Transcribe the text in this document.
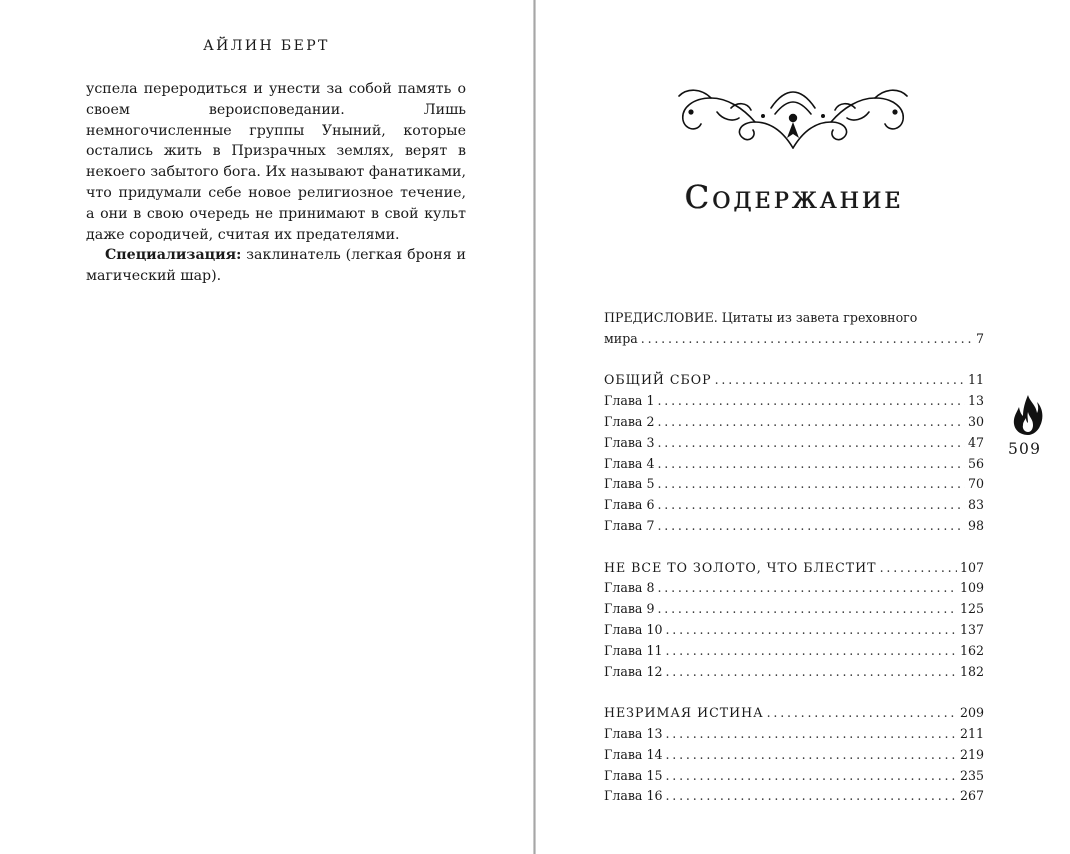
АЙЛИН БЕРТ

успела переродиться и унести за собой память о своем вероисповедании. Лишь немногочисленные группы Уныний, которые остались жить в Призрачных землях, верят в некоего забытого бога. Их называют фанатиками, что придумали себе новое религиозное течение, а они в свою очередь не принимают в свой культ даже сородичей, считая их предателями.

Специализация: заклинатель (легкая броня и магический шар).

Содержание
ПРЕДИСЛОВИЕ. Цитаты из завета греховного
мира . . .	7
ОБЩИЙ СБОР . . .	11
Глава 1 . . .	13
Глава 2 . . .	30
Глава 3 . . .	47
Глава 4 . . .	56
Глава 5 . . .	70
Глава 6 . . .	83
Глава 7 . . .	98
НЕ ВСЕ ТО ЗОЛОТО, ЧТО БЛЕСТИТ . . .	107
Глава 8 . . .	109
Глава 9 . . .	125
Глава 10 . . .	137
Глава 11 . . .	162
Глава 12 . . .	182
НЕЗРИМАЯ ИСТИНА . . .	209
Глава 13 . . .	211
Глава 14 . . .	219
Глава 15 . . .	235
Глава 16 . . .	267
509
